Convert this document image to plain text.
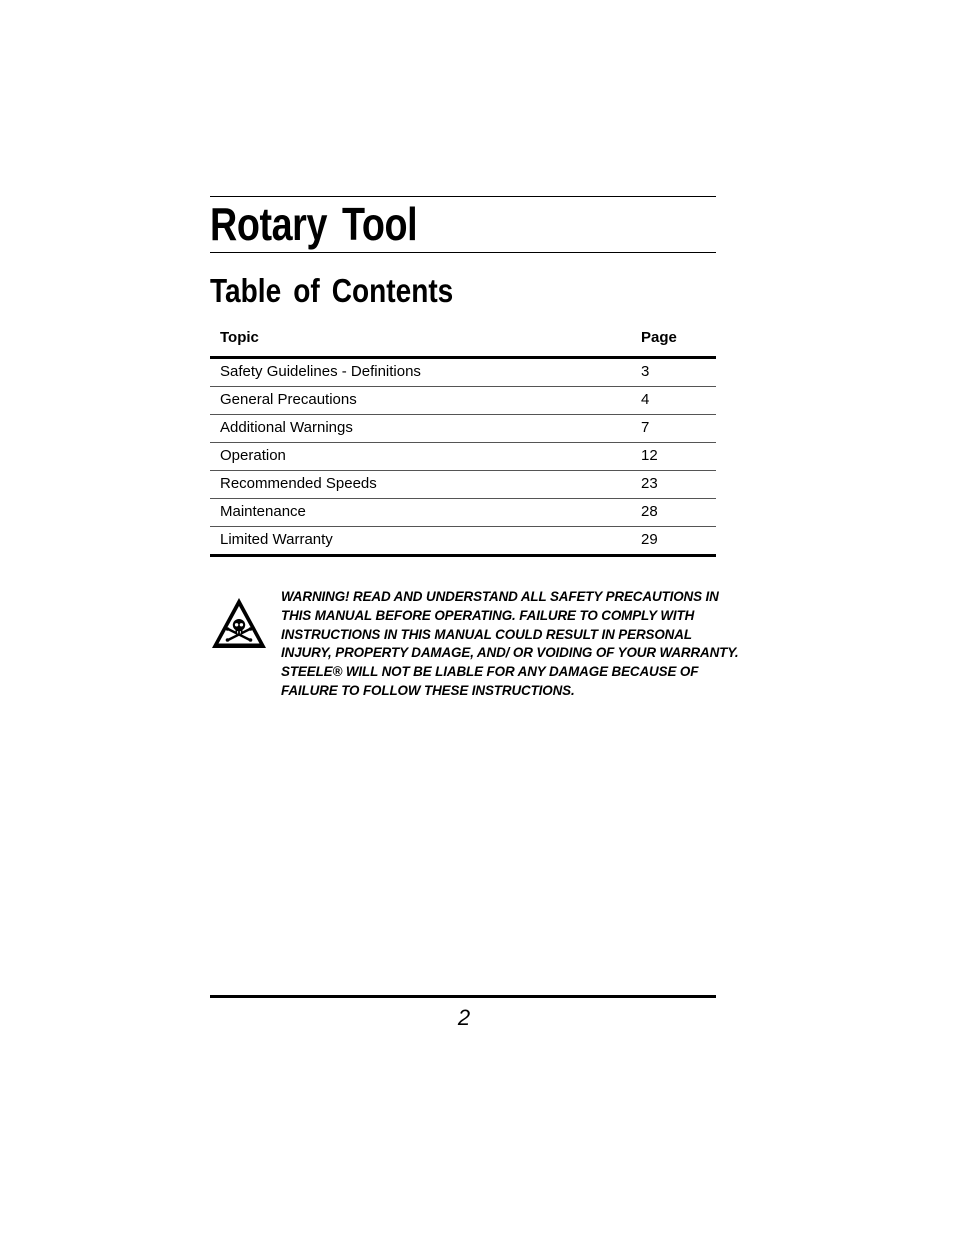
Rotary Tool
Table of Contents
Topic	Page
Safety Guidelines - Definitions	3
General Precautions	4
Additional Warnings	7
Operation	12
Recommended Speeds	23
Maintenance	28
Limited Warranty	29

WARNING! READ AND UNDERSTAND ALL SAFETY PRECAUTIONS IN THIS MANUAL BEFORE OPERATING. FAILURE TO COMPLY WITH INSTRUCTIONS IN THIS MANUAL COULD RESULT IN PERSONAL INJURY, PROPERTY DAMAGE, AND/ OR VOIDING OF YOUR WARRANTY. STEELE® WILL NOT BE LIABLE FOR ANY DAMAGE BECAUSE OF FAILURE TO FOLLOW THESE INSTRUCTIONS.

2
